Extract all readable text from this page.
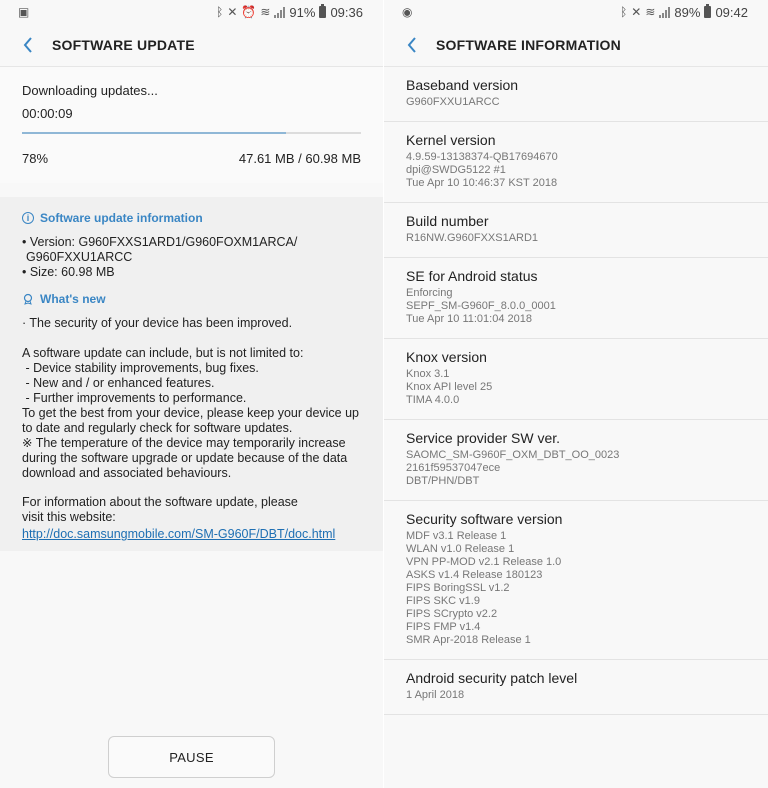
▣	ᛒ ✕ ⏰ ≋ 91% 09:36
SOFTWARE UPDATE
Downloading updates...
00:00:09
78%	47.61 MB / 60.98 MB
i Software update information
• Version: G960FXXS1ARD1/G960FOXM1ARCA/
G960FXXU1ARCC
• Size: 60.98 MB
What's new
· The security of your device has been improved.
A software update can include, but is not limited to:
- Device stability improvements, bug fixes.
- New and / or enhanced features.
- Further improvements to performance.
To get the best from your device, please keep your device up
to date and regularly check for software updates.
※ The temperature of the device may temporarily increase
during the software upgrade or update because of the data
download and associated behaviours.
For information about the software update, please
visit this website:
http://doc.samsungmobile.com/SM-G960F/DBT/doc.html
PAUSE
◉	ᛒ ✕ ≋ 89% 09:42
SOFTWARE INFORMATION
Baseband version
G960FXXU1ARCC
Kernel version
4.9.59-13138374-QB17694670
dpi@SWDG5122 #1
Tue Apr 10 10:46:37 KST 2018
Build number
R16NW.G960FXXS1ARD1
SE for Android status
Enforcing
SEPF_SM-G960F_8.0.0_0001
Tue Apr 10 11:01:04 2018
Knox version
Knox 3.1
Knox API level 25
TIMA 4.0.0
Service provider SW ver.
SAOMC_SM-G960F_OXM_DBT_OO_0023
2161f59537047ece
DBT/PHN/DBT
Security software version
MDF v3.1 Release 1
WLAN v1.0 Release 1
VPN PP-MOD v2.1 Release 1.0
ASKS v1.4 Release 180123
FIPS BoringSSL v1.2
FIPS SKC v1.9
FIPS SCrypto v2.2
FIPS FMP v1.4
SMR Apr-2018 Release 1
Android security patch level
1 April 2018
